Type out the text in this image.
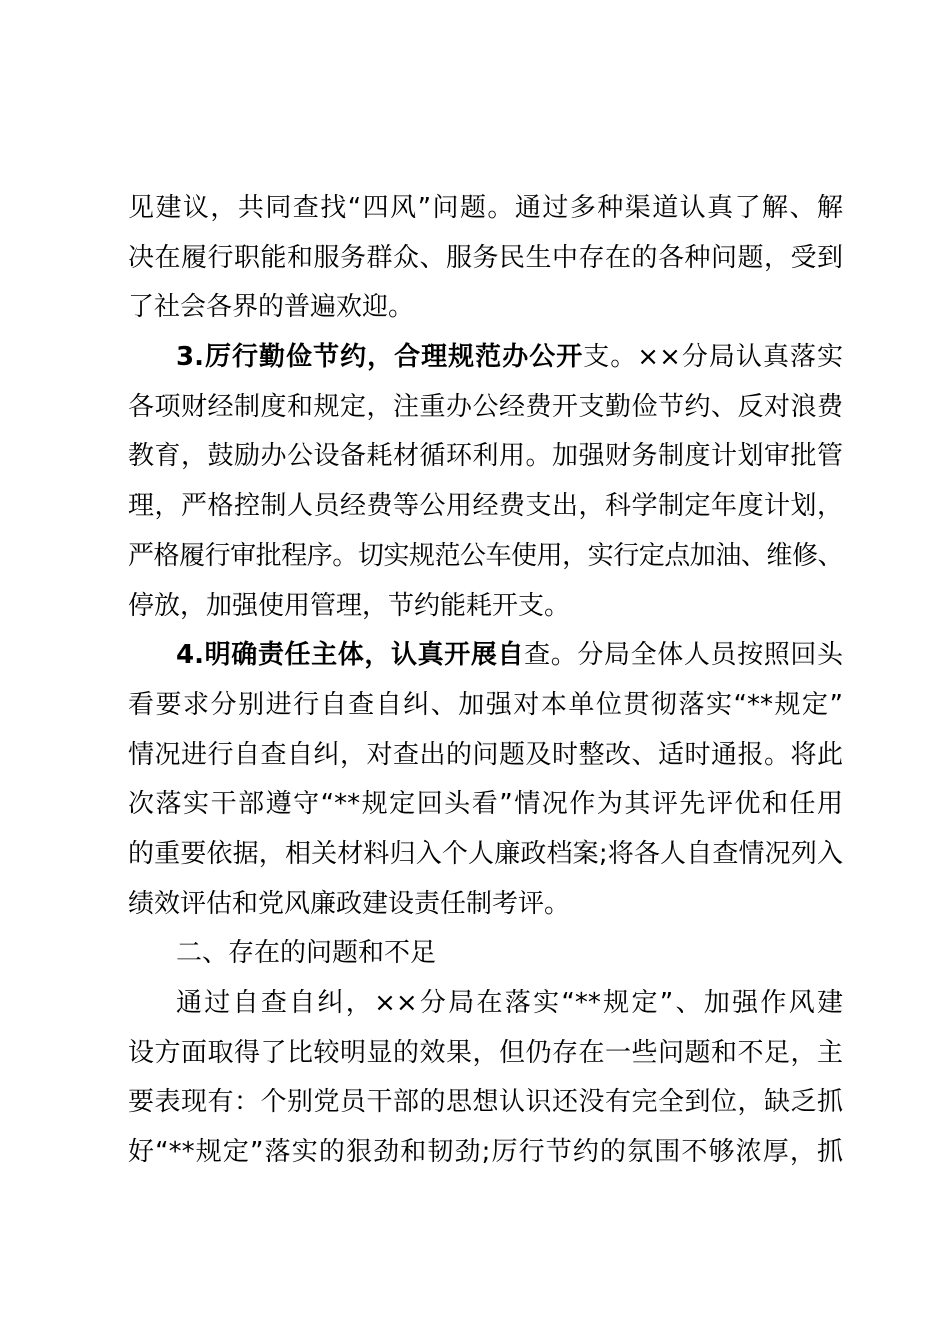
见建议，共同查找“四风”问题。通过多种渠道认真了解、解
决在履行职能和服务群众、服务民生中存在的各种问题，受到
了社会各界的普遍欢迎。
3.厉行勤俭节约，合理规范办公开支。××分局认真落实
各项财经制度和规定，注重办公经费开支勤俭节约、反对浪费
教育，鼓励办公设备耗材循环利用。加强财务制度计划审批管
理，严格控制人员经费等公用经费支出，科学制定年度计划，
严格履行审批程序。切实规范公车使用，实行定点加油、维修、
停放，加强使用管理，节约能耗开支。
4.明确责任主体，认真开展自查。分局全体人员按照回头
看要求分别进行自查自纠、加强对本单位贯彻落实“**规定”
情况进行自查自纠，对查出的问题及时整改、适时通报。将此
次落实干部遵守“**规定回头看”情况作为其评先评优和任用
的重要依据，相关材料归入个人廉政档案;将各人自查情况列入
绩效评估和党风廉政建设责任制考评。
二、存在的问题和不足
通过自查自纠，××分局在落实“**规定”、加强作风建
设方面取得了比较明显的效果，但仍存在一些问题和不足，主
要表现有：个别党员干部的思想认识还没有完全到位，缺乏抓
好“**规定”落实的狠劲和韧劲;厉行节约的氛围不够浓厚，抓
